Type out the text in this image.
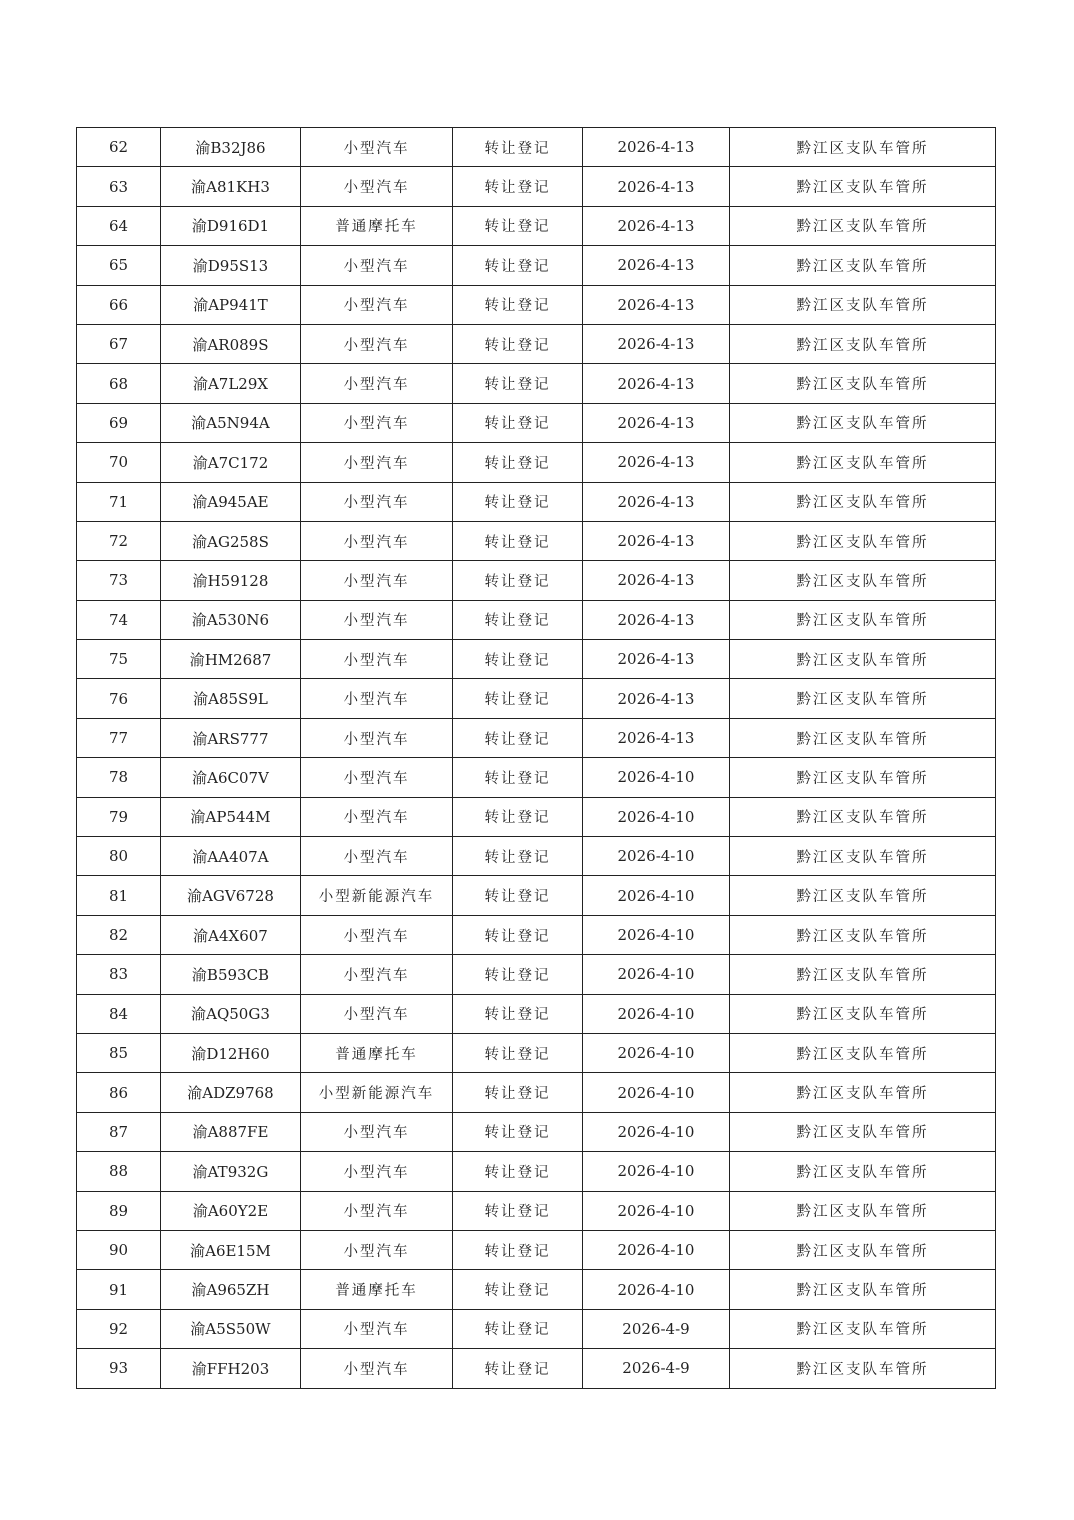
62	渝B32J86	小型汽车	转让登记	2026-4-13	黔江区支队车管所
63	渝A81KH3	小型汽车	转让登记	2026-4-13	黔江区支队车管所
64	渝D916D1	普通摩托车	转让登记	2026-4-13	黔江区支队车管所
65	渝D95S13	小型汽车	转让登记	2026-4-13	黔江区支队车管所
66	渝AP941T	小型汽车	转让登记	2026-4-13	黔江区支队车管所
67	渝AR089S	小型汽车	转让登记	2026-4-13	黔江区支队车管所
68	渝A7L29X	小型汽车	转让登记	2026-4-13	黔江区支队车管所
69	渝A5N94A	小型汽车	转让登记	2026-4-13	黔江区支队车管所
70	渝A7C172	小型汽车	转让登记	2026-4-13	黔江区支队车管所
71	渝A945AE	小型汽车	转让登记	2026-4-13	黔江区支队车管所
72	渝AG258S	小型汽车	转让登记	2026-4-13	黔江区支队车管所
73	渝H59128	小型汽车	转让登记	2026-4-13	黔江区支队车管所
74	渝A530N6	小型汽车	转让登记	2026-4-13	黔江区支队车管所
75	渝HM2687	小型汽车	转让登记	2026-4-13	黔江区支队车管所
76	渝A85S9L	小型汽车	转让登记	2026-4-13	黔江区支队车管所
77	渝ARS777	小型汽车	转让登记	2026-4-13	黔江区支队车管所
78	渝A6C07V	小型汽车	转让登记	2026-4-10	黔江区支队车管所
79	渝AP544M	小型汽车	转让登记	2026-4-10	黔江区支队车管所
80	渝AA407A	小型汽车	转让登记	2026-4-10	黔江区支队车管所
81	渝AGV6728	小型新能源汽车	转让登记	2026-4-10	黔江区支队车管所
82	渝A4X607	小型汽车	转让登记	2026-4-10	黔江区支队车管所
83	渝B593CB	小型汽车	转让登记	2026-4-10	黔江区支队车管所
84	渝AQ50G3	小型汽车	转让登记	2026-4-10	黔江区支队车管所
85	渝D12H60	普通摩托车	转让登记	2026-4-10	黔江区支队车管所
86	渝ADZ9768	小型新能源汽车	转让登记	2026-4-10	黔江区支队车管所
87	渝A887FE	小型汽车	转让登记	2026-4-10	黔江区支队车管所
88	渝AT932G	小型汽车	转让登记	2026-4-10	黔江区支队车管所
89	渝A60Y2E	小型汽车	转让登记	2026-4-10	黔江区支队车管所
90	渝A6E15M	小型汽车	转让登记	2026-4-10	黔江区支队车管所
91	渝A965ZH	普通摩托车	转让登记	2026-4-10	黔江区支队车管所
92	渝A5S50W	小型汽车	转让登记	2026-4-9	黔江区支队车管所
93	渝FFH203	小型汽车	转让登记	2026-4-9	黔江区支队车管所
